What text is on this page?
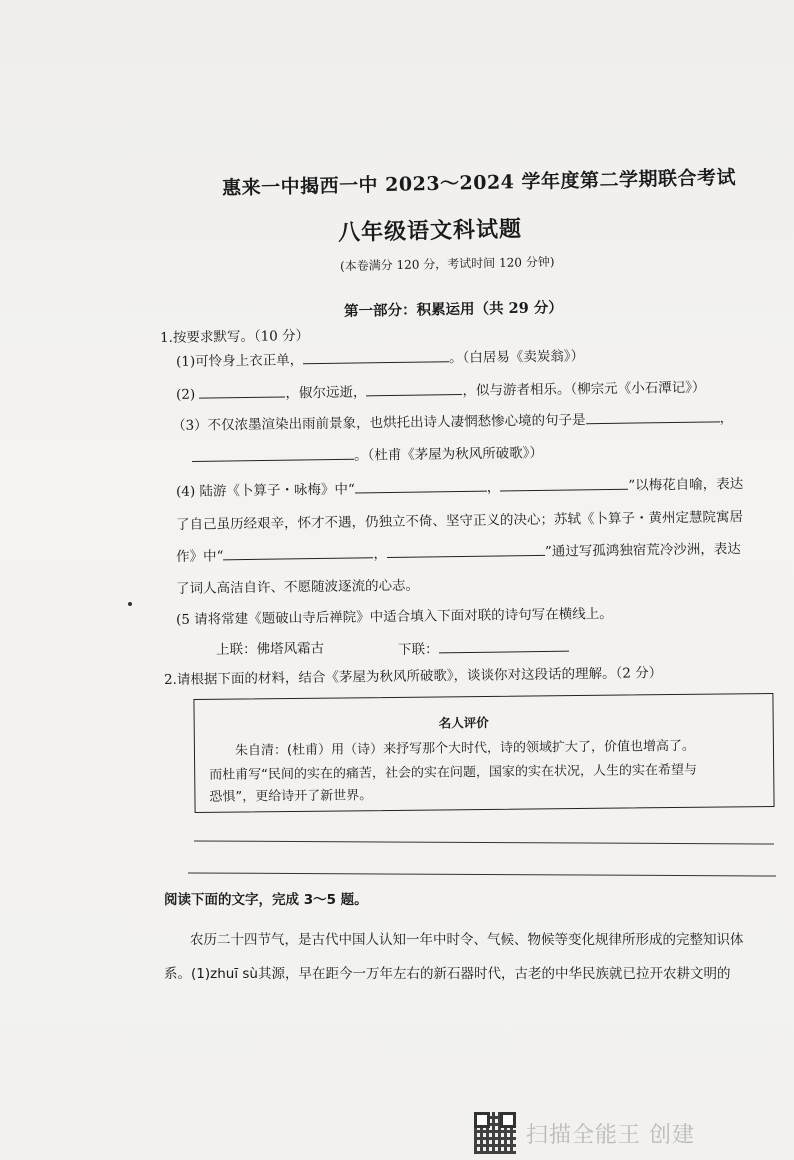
惠来一中揭西一中 2023～2024 学年度第二学期联合考试
八年级语文科试题
(本卷满分 120 分，考试时间 120 分钟)
第一部分：积累运用（共 29 分）
1.按要求默写。（10 分）
(1)可怜身上衣正单，	。（白居易《卖炭翁》）
(2)	，俶尔远逝，	，似与游者相乐。（柳宗元《小石潭记》）
（3）不仅浓墨渲染出雨前景象，也烘托出诗人凄惘愁惨心境的句子是	，
。（杜甫《茅屋为秋风所破歌》）
(4) 陆游《卜算子・咏梅》中“	，	”以梅花自喻，表达
了自己虽历经艰辛，怀才不遇，仍独立不倚、坚守正义的决心；苏轼《卜算子・黄州定慧院寓居
作》中“	，	”通过写孤鸿独宿荒冷沙洲，表达
了词人高洁自许、不愿随波逐流的心志。
(5 请将常建《题破山寺后禅院》中适合填入下面对联的诗句写在横线上。
上联：佛塔风霜古	下联：
2.请根据下面的材料，结合《茅屋为秋风所破歌》，谈谈你对这段话的理解。（2 分）
名人评价
朱自清：(杜甫）用（诗）来抒写那个大时代，诗的领域扩大了，价值也增高了。
而杜甫写“民间的实在的痛苦，社会的实在问题，国家的实在状况，人生的实在希望与
恐惧”，更给诗开了新世界。
阅读下面的文字，完成 3～5 题。
农历二十四节气，是古代中国人认知一年中时令、气候、物候等变化规律所形成的完整知识体
系。(1)zhuī sù其源，早在距今一万年左右的新石器时代，古老的中华民族就已拉开农耕文明的
扫描全能王 创建
